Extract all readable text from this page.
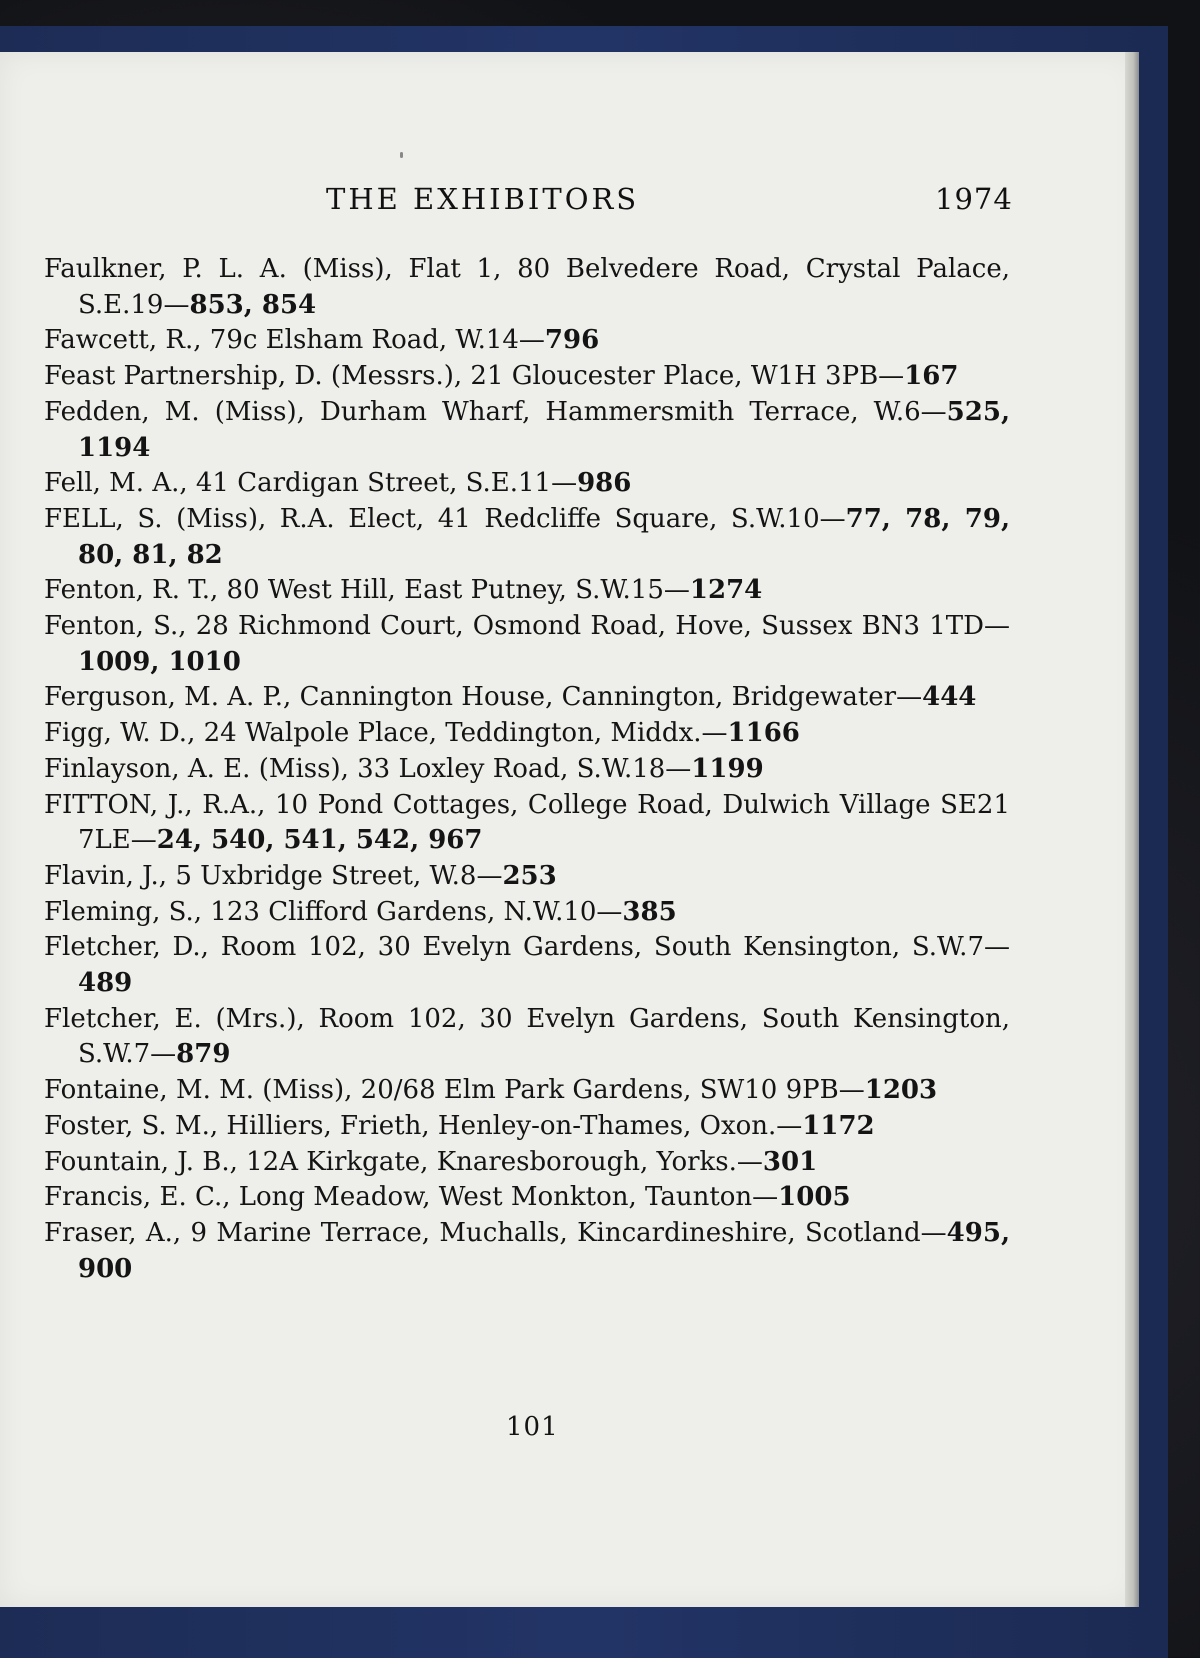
THE EXHIBITORS	1974
Faulkner, P. L. A. (Miss), Flat 1, 80 Belvedere Road, Crystal Palace, S.E.19—853, 854
Fawcett, R., 79c Elsham Road, W.14—796
Feast Partnership, D. (Messrs.), 21 Gloucester Place, W1H 3PB—167
Fedden, M. (Miss), Durham Wharf, Hammersmith Terrace, W.6—525, 1194
Fell, M. A., 41 Cardigan Street, S.E.11—986
FELL, S. (Miss), R.A. Elect, 41 Redcliffe Square, S.W.10—77, 78, 79, 80, 81, 82
Fenton, R. T., 80 West Hill, East Putney, S.W.15—1274
Fenton, S., 28 Richmond Court, Osmond Road, Hove, Sussex BN3 1TD—1009, 1010
Ferguson, M. A. P., Cannington House, Cannington, Bridgewater—444
Figg, W. D., 24 Walpole Place, Teddington, Middx.—1166
Finlayson, A. E. (Miss), 33 Loxley Road, S.W.18—1199
FITTON, J., R.A., 10 Pond Cottages, College Road, Dulwich Village SE21 7LE—24, 540, 541, 542, 967
Flavin, J., 5 Uxbridge Street, W.8—253
Fleming, S., 123 Clifford Gardens, N.W.10—385
Fletcher, D., Room 102, 30 Evelyn Gardens, South Kensington, S.W.7—489
Fletcher, E. (Mrs.), Room 102, 30 Evelyn Gardens, South Kensington, S.W.7—879
Fontaine, M. M. (Miss), 20/68 Elm Park Gardens, SW10 9PB—1203
Foster, S. M., Hilliers, Frieth, Henley-on-Thames, Oxon.—1172
Fountain, J. B., 12A Kirkgate, Knaresborough, Yorks.—301
Francis, E. C., Long Meadow, West Monkton, Taunton—1005
Fraser, A., 9 Marine Terrace, Muchalls, Kincardineshire, Scotland—495, 900
101
